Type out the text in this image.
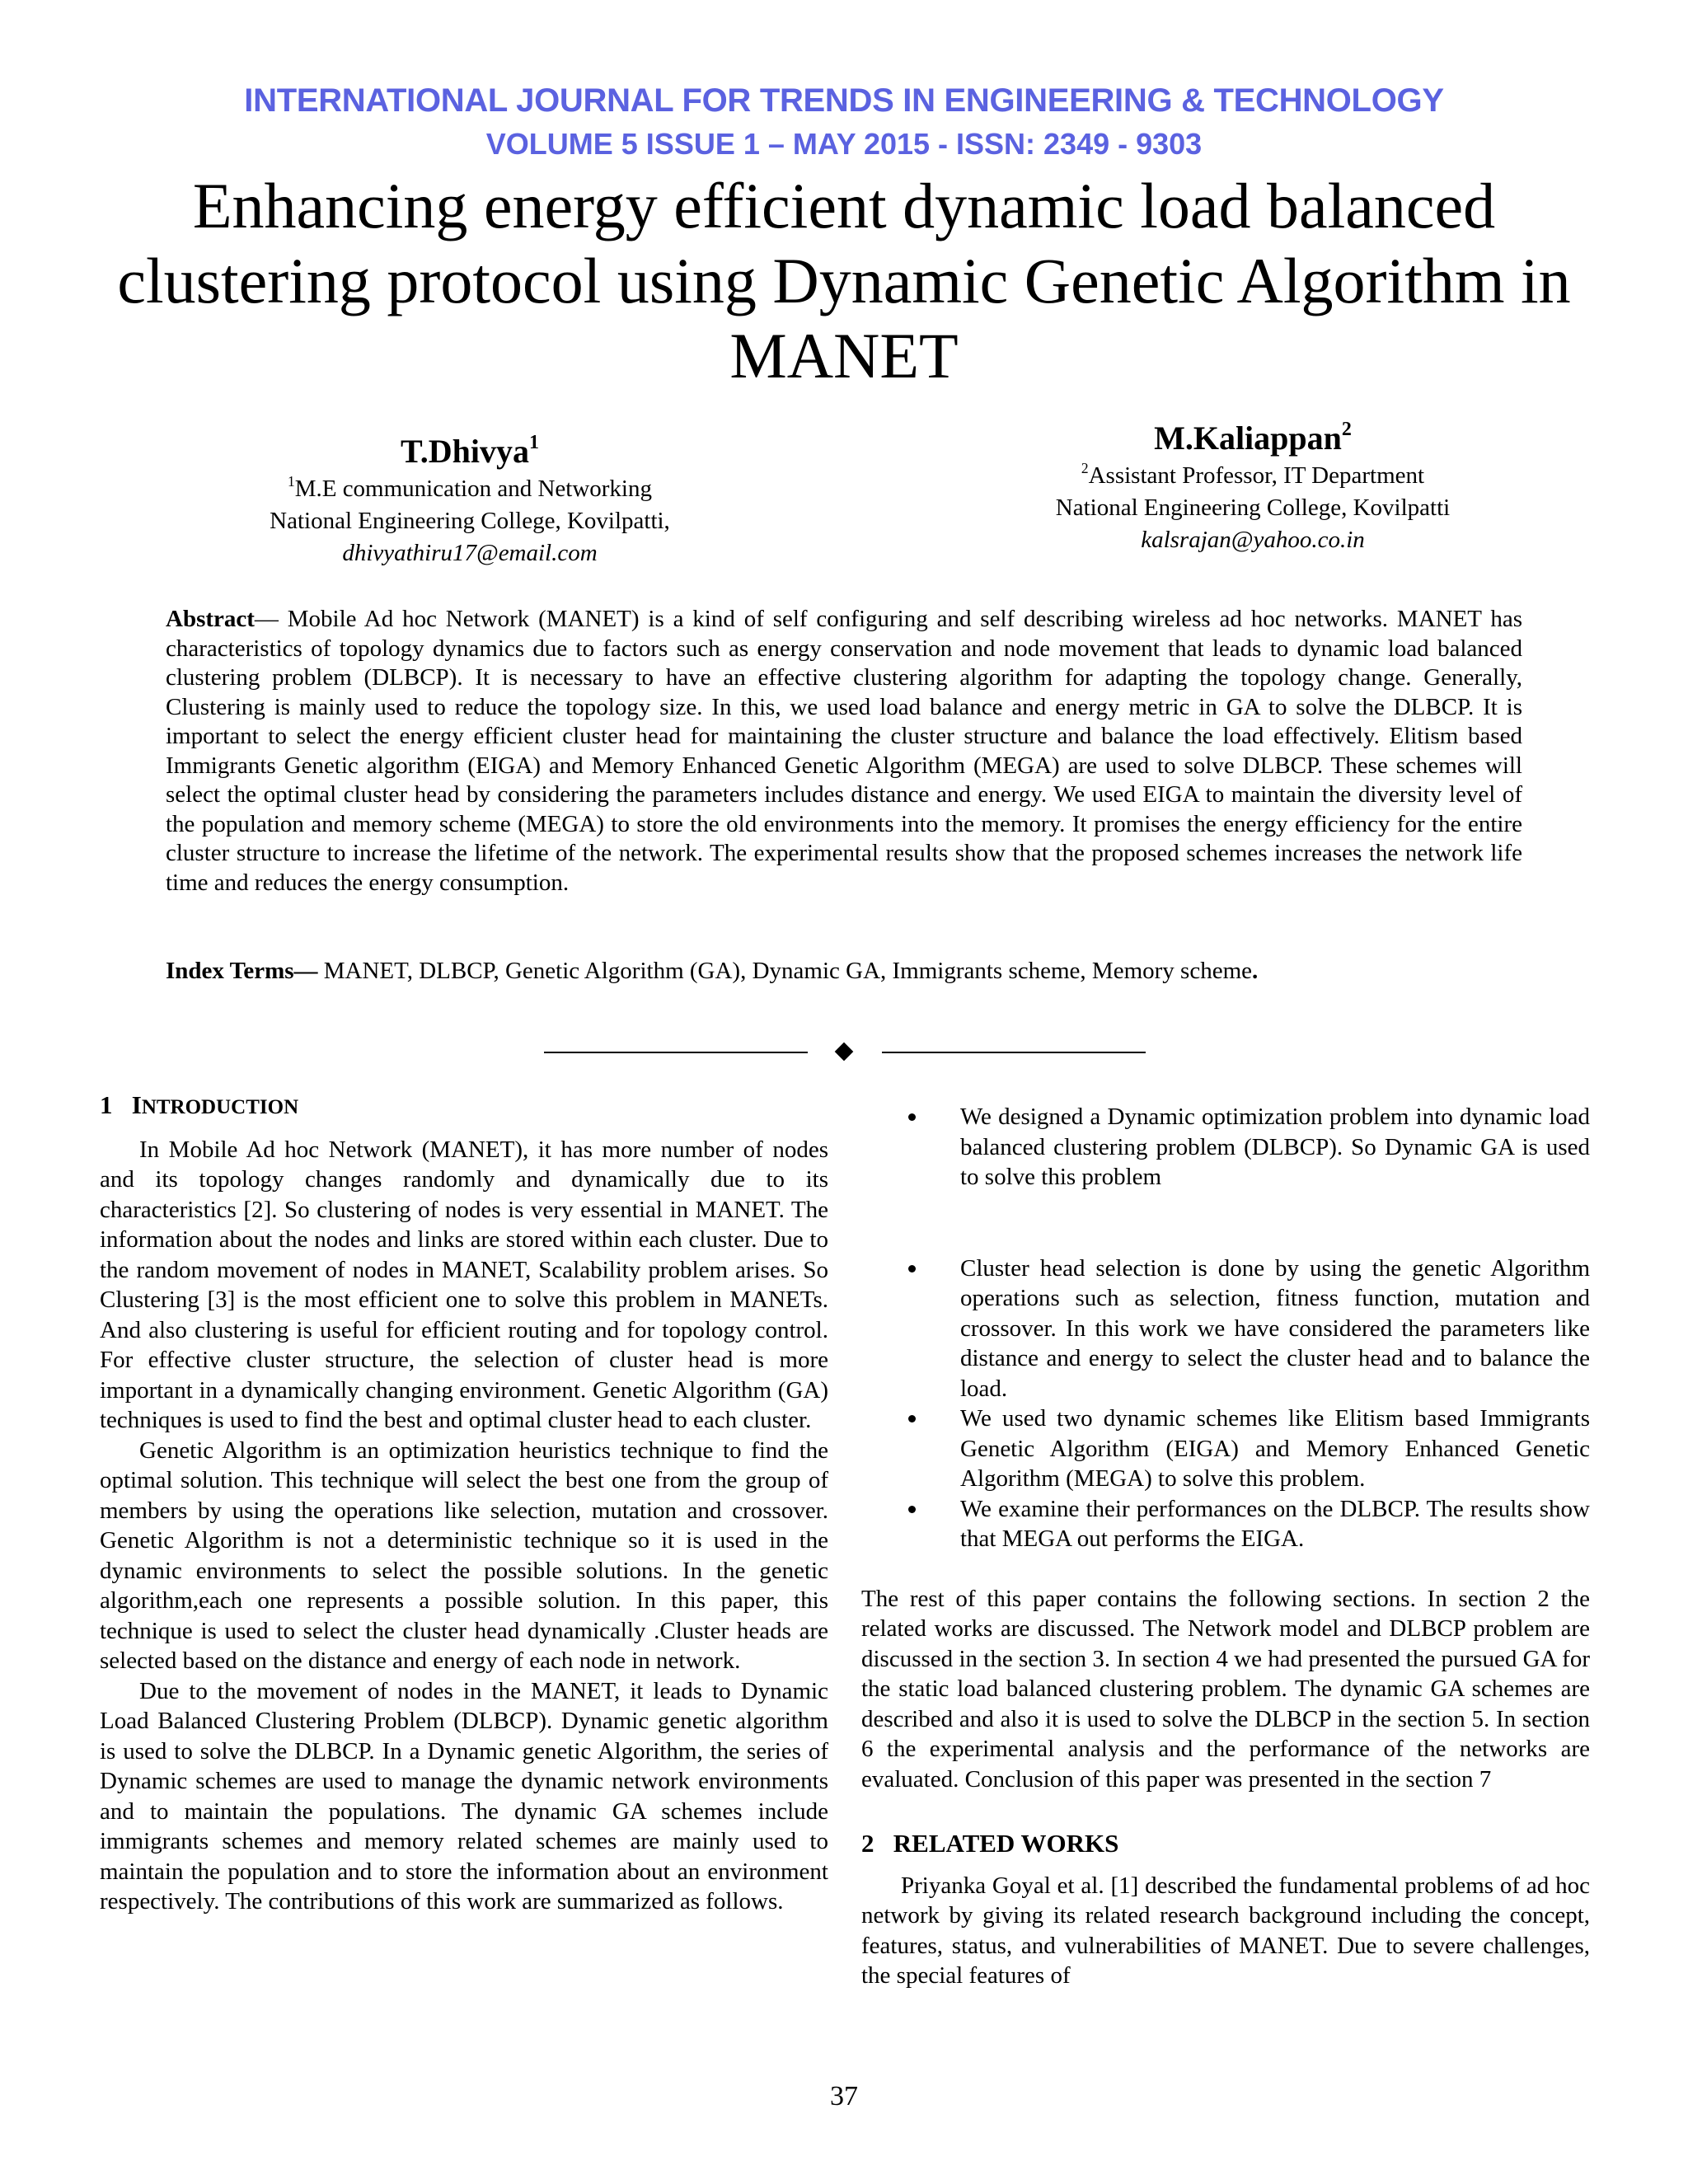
INTERNATIONAL JOURNAL FOR TRENDS IN ENGINEERING & TECHNOLOGY
VOLUME 5 ISSUE 1 – MAY 2015 - ISSN: 2349 - 9303
Enhancing energy efficient dynamic load balanced clustering protocol using Dynamic Genetic Algorithm in MANET
T.Dhivya$^1$
$^1$M.E communication and Networking
National Engineering College, Kovilpatti,
dhivyathiru17@email.com
M.Kaliappan$^2$
$^2$Assistant Professor, IT Department
National Engineering College, Kovilpatti
kalsrajan@yahoo.co.in
Abstract— Mobile Ad hoc Network (MANET) is a kind of self configuring and self describing wireless ad hoc networks. MANET has characteristics of topology dynamics due to factors such as energy conservation and node movement that leads to dynamic load balanced clustering problem (DLBCP). It is necessary to have an effective clustering algorithm for adapting the topology change. Generally, Clustering is mainly used to reduce the topology size. In this, we used load balance and energy metric in GA to solve the DLBCP. It is important to select the energy efficient cluster head for maintaining the cluster structure and balance the load effectively. Elitism based Immigrants Genetic algorithm (EIGA) and Memory Enhanced Genetic Algorithm (MEGA) are used to solve DLBCP. These schemes will select the optimal cluster head by considering the parameters includes distance and energy. We used EIGA to maintain the diversity level of the population and memory scheme (MEGA) to store the old environments into the memory. It promises the energy efficiency for the entire cluster structure to increase the lifetime of the network. The experimental results show that the proposed schemes increases the network life time and reduces the energy consumption.
Index Terms— MANET, DLBCP, Genetic Algorithm (GA), Dynamic GA, Immigrants scheme, Memory scheme.
1 INTRODUCTION

In Mobile Ad hoc Network (MANET), it has more number of nodes and its topology changes randomly and dynamically due to its characteristics [2]. So clustering of nodes is very essential in MANET. The information about the nodes and links are stored within each cluster. Due to the random movement of nodes in MANET, Scalability problem arises. So Clustering [3] is the most efficient one to solve this problem in MANETs. And also clustering is useful for efficient routing and for topology control. For effective cluster structure, the selection of cluster head is more important in a dynamically changing environment. Genetic Algorithm (GA) techniques is used to find the best and optimal cluster head to each cluster.

Genetic Algorithm is an optimization heuristics technique to find the optimal solution. This technique will select the best one from the group of members by using the operations like selection, mutation and crossover. Genetic Algorithm is not a deterministic technique so it is used in the dynamic environments to select the possible solutions. In the genetic algorithm,each one represents a possible solution. In this paper, this technique is used to select the cluster head dynamically .Cluster heads are selected based on the distance and energy of each node in network.

Due to the movement of nodes in the MANET, it leads to Dynamic Load Balanced Clustering Problem (DLBCP). Dynamic genetic algorithm is used to solve the DLBCP. In a Dynamic genetic Algorithm, the series of Dynamic schemes are used to manage the dynamic network environments and to maintain the populations. The dynamic GA schemes include immigrants schemes and memory related schemes are mainly used to maintain the population and to store the information about an environment respectively. The contributions of this work are summarized as follows.

We designed a Dynamic optimization problem into dynamic load balanced clustering problem (DLBCP). So Dynamic GA is used to solve this problem
Cluster head selection is done by using the genetic Algorithm operations such as selection, fitness function, mutation and crossover. In this work we have considered the parameters like distance and energy to select the cluster head and to balance the load.
We used two dynamic schemes like Elitism based Immigrants Genetic Algorithm (EIGA) and Memory Enhanced Genetic Algorithm (MEGA) to solve this problem.
We examine their performances on the DLBCP. The results show that MEGA out performs the EIGA.

The rest of this paper contains the following sections. In section 2 the related works are discussed. The Network model and DLBCP problem are discussed in the section 3. In section 4 we had presented the pursued GA for the static load balanced clustering problem. The dynamic GA schemes are described and also it is used to solve the DLBCP in the section 5. In section 6 the experimental analysis and the performance of the networks are evaluated. Conclusion of this paper was presented in the section 7

2 RELATED WORKS

Priyanka Goyal et al. [1] described the fundamental problems of ad hoc network by giving its related research background including the concept, features, status, and vulnerabilities of MANET. Due to severe challenges, the special features of

37
